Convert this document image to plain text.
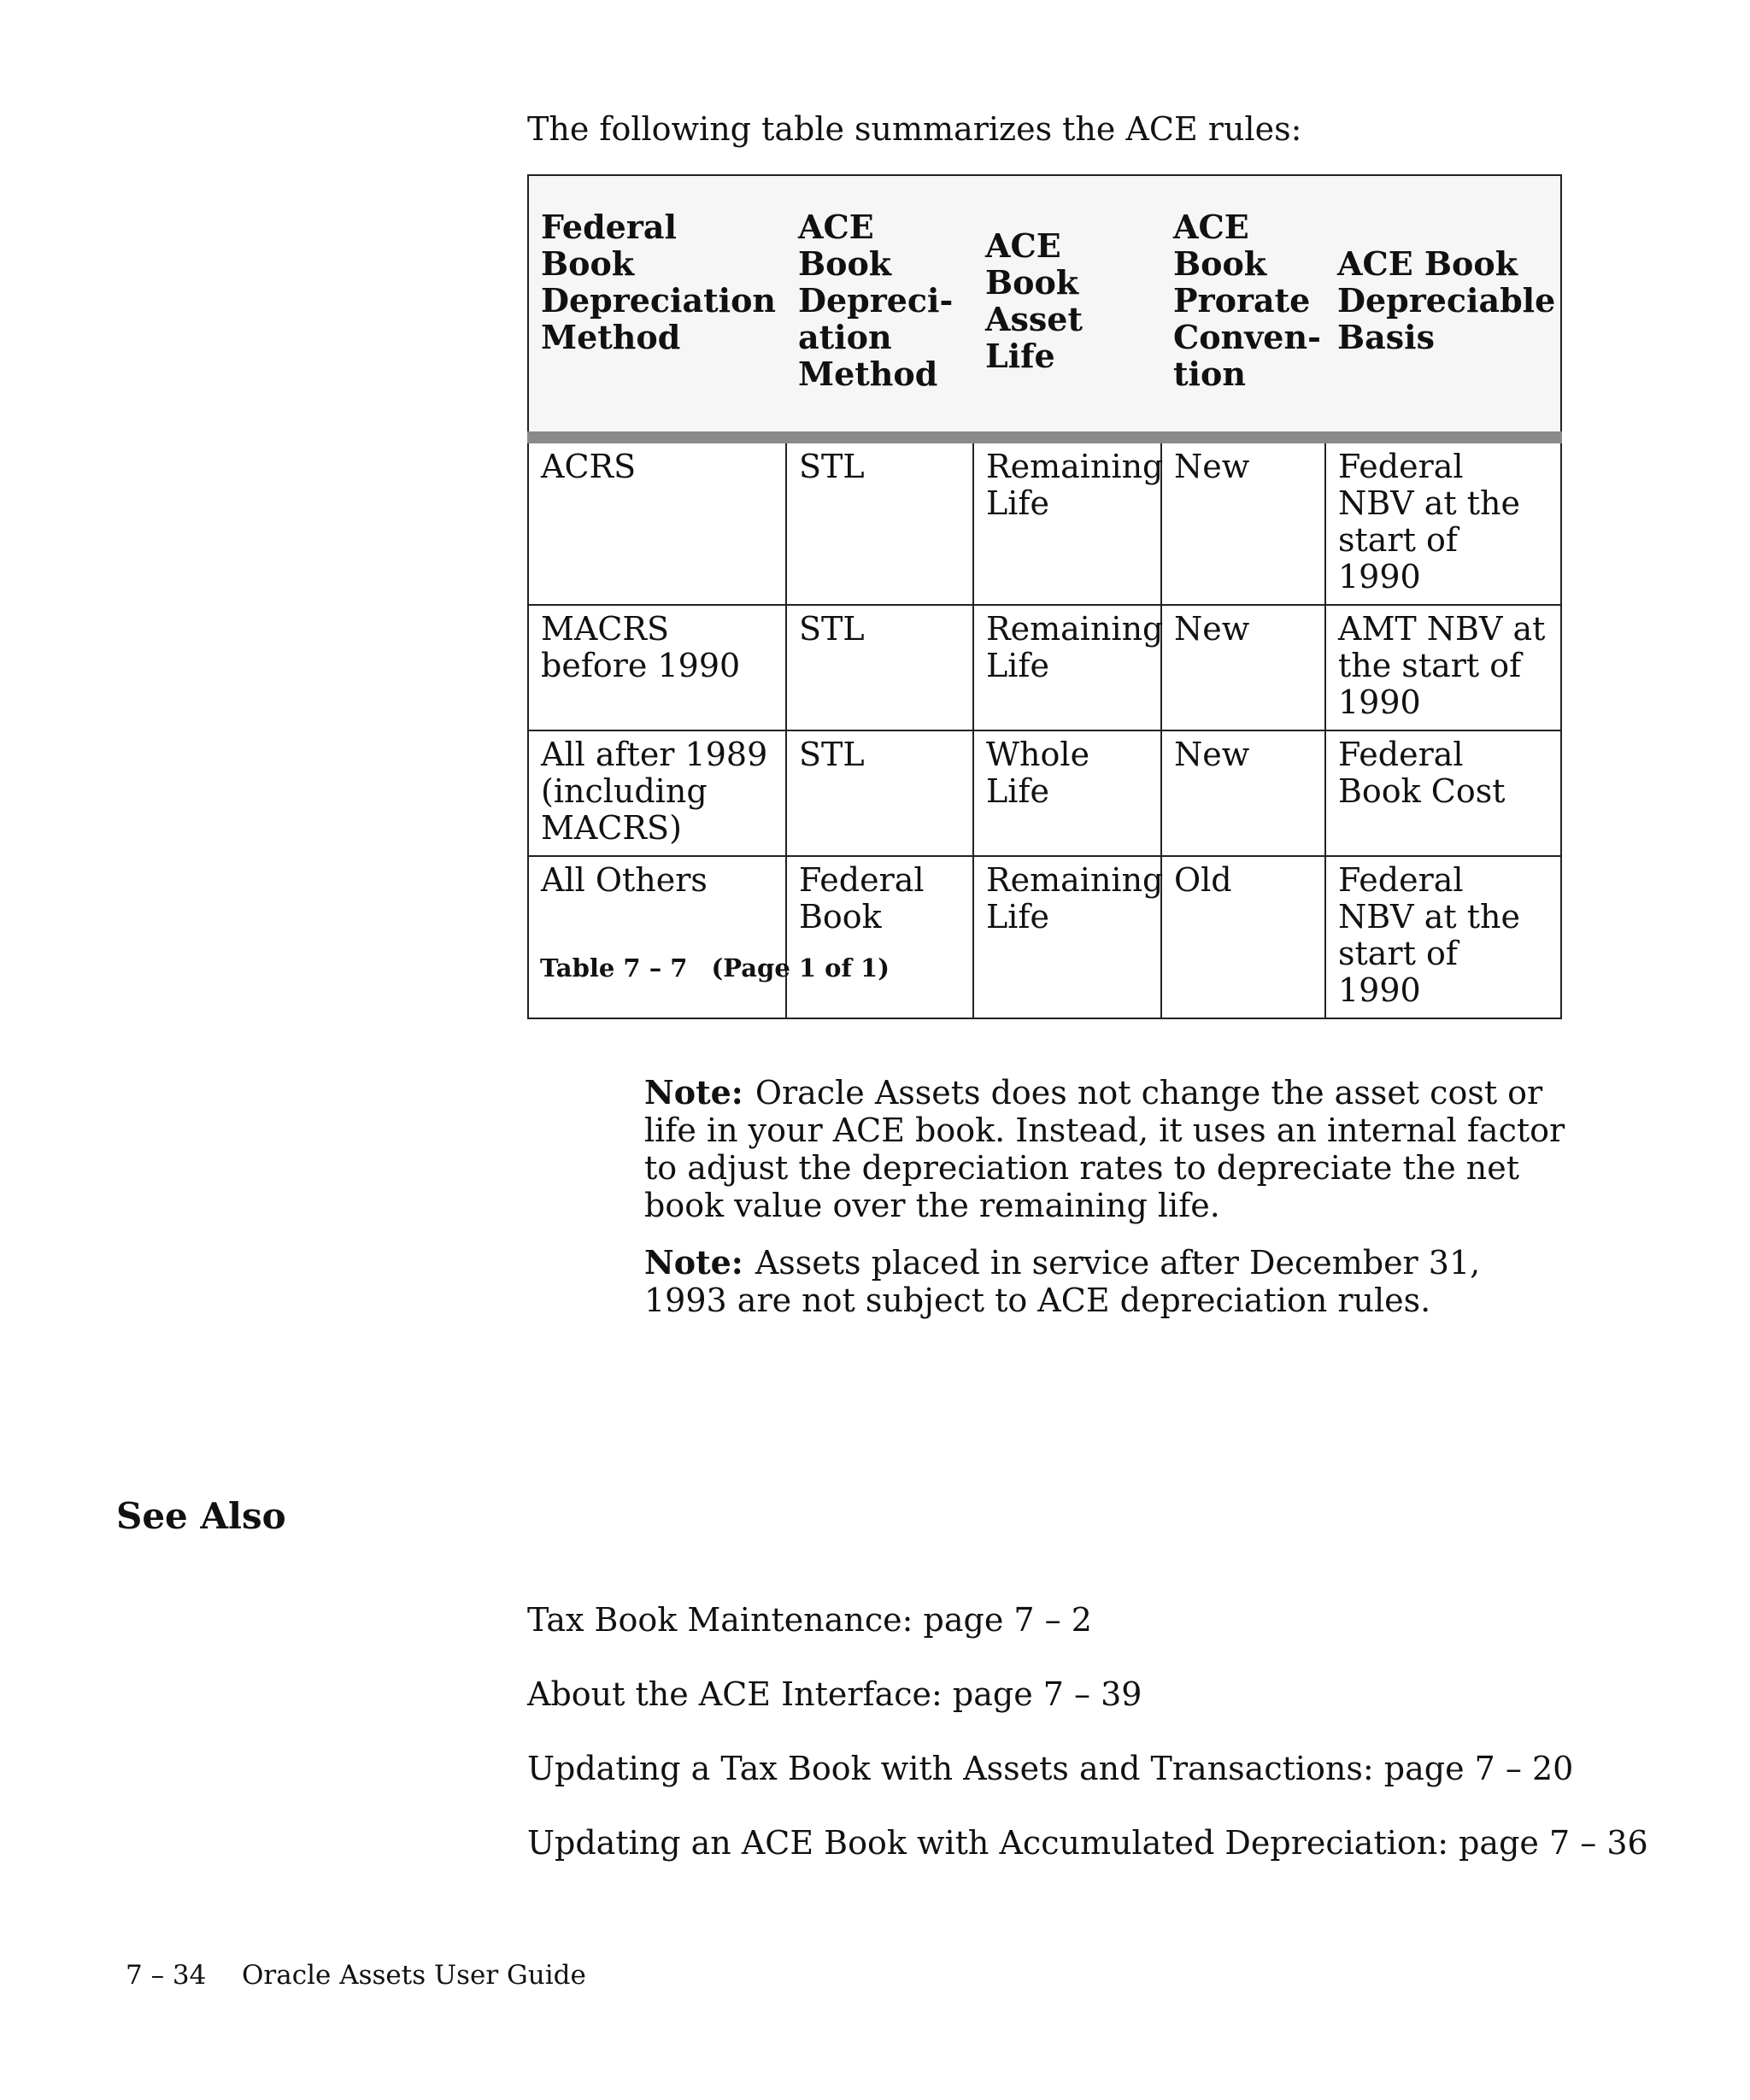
The following table summarizes the ACE rules:

Federal Book Depreciation Method	ACE Book Depreci- ation Method	ACE Book Asset Life	ACE Book Prorate Conven- tion	ACE Book Depreciable Basis
ACRS	STL	Remaining Life	New	Federal NBV at the start of 1990
MACRS before 1990	STL	Remaining Life	New	AMT NBV at the start of 1990
All after 1989 (including MACRS)	STL	Whole Life	New	Federal Book Cost
All Others	Federal Book	Remaining Life	Old	Federal NBV at the start of 1990
Table 7 – 7 (Page 1 of 1)

Note: Oracle Assets does not change the asset cost or life in your ACE book. Instead, it uses an internal factor to adjust the depreciation rates to depreciate the net book value over the remaining life.

Note: Assets placed in service after December 31, 1993 are not subject to ACE depreciation rules.

See Also
Tax Book Maintenance: page 7 – 2
About the ACE Interface: page 7 – 39
Updating a Tax Book with Assets and Transactions: page 7 – 20
Updating an ACE Book with Accumulated Depreciation: page 7 – 36
7 – 34 Oracle Assets User Guide
